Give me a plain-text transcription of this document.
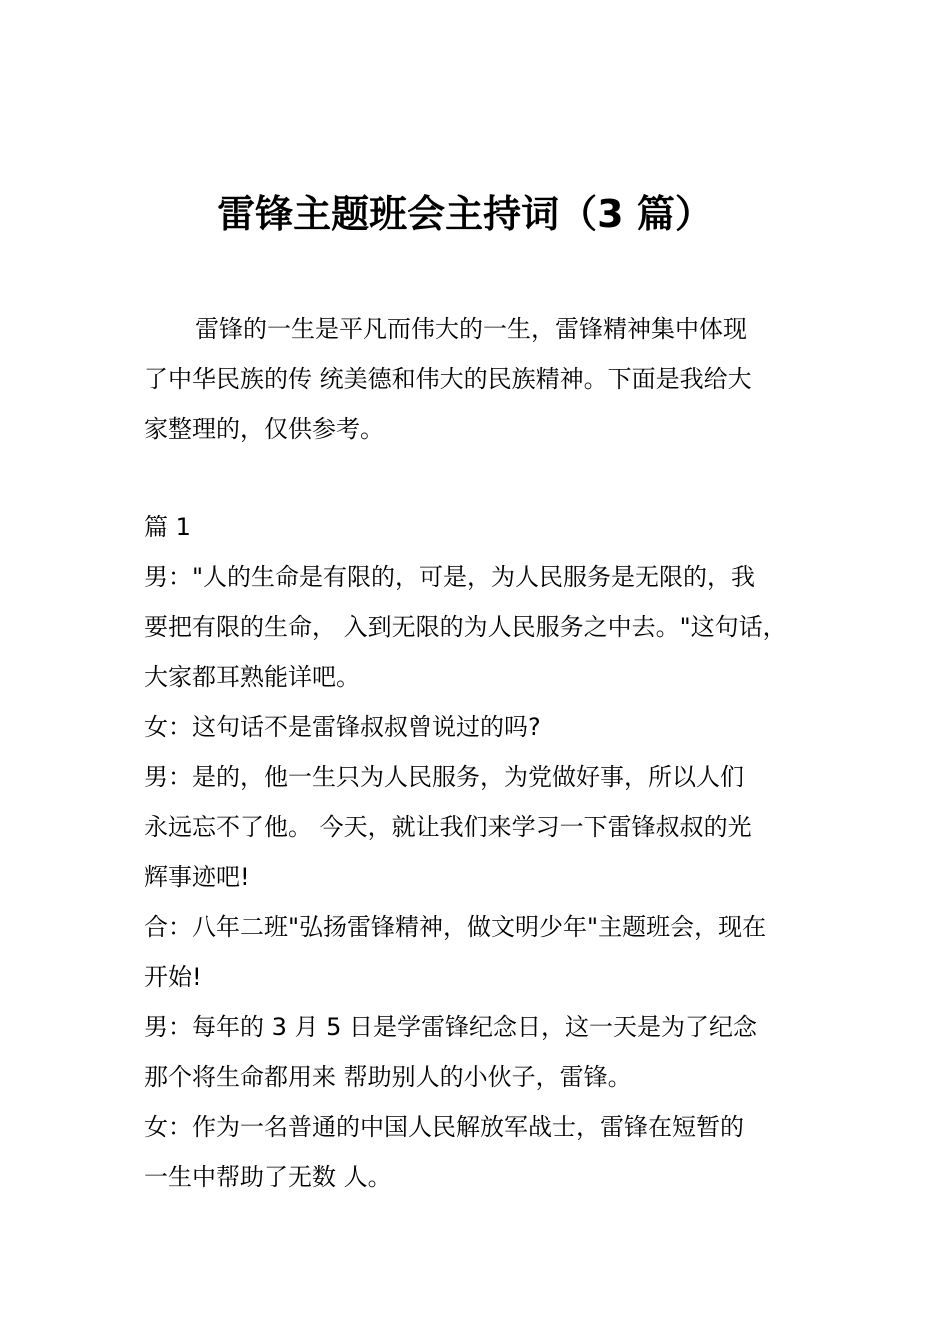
雷锋主题班会主持词（3 篇）
雷锋的一生是平凡而伟大的一生，雷锋精神集中体现
了中华民族的传 统美德和伟大的民族精神。下面是我给大
家整理的，仅供参考。
篇 1
男："人的生命是有限的，可是，为人民服务是无限的，我
要把有限的生命， 入到无限的为人民服务之中去。"这句话，
大家都耳熟能详吧。
女：这句话不是雷锋叔叔曾说过的吗?
男：是的，他一生只为人民服务，为党做好事，所以人们
永远忘不了他。 今天，就让我们来学习一下雷锋叔叔的光
辉事迹吧!
合：八年二班"弘扬雷锋精神，做文明少年"主题班会，现在
开始!
男：每年的 3 月 5 日是学雷锋纪念日，这一天是为了纪念
那个将生命都用来 帮助别人的小伙子，雷锋。
女：作为一名普通的中国人民解放军战士，雷锋在短暂的
一生中帮助了无数 人。
